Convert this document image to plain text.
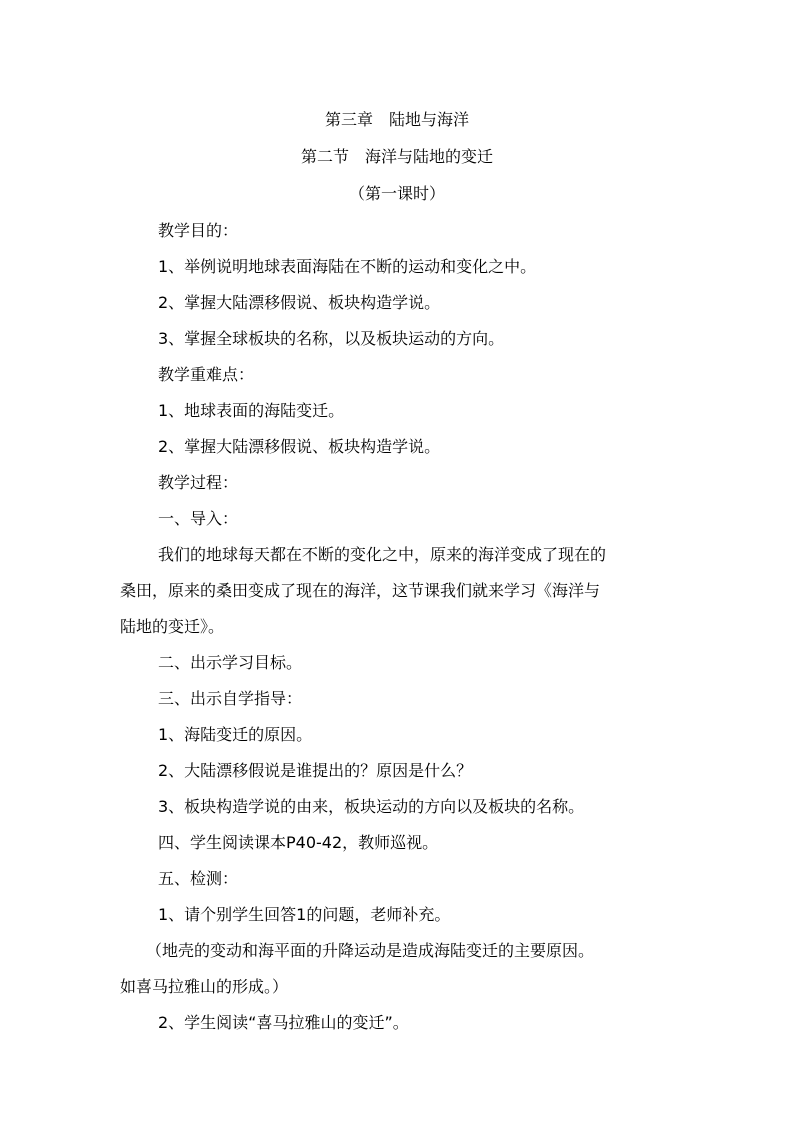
第三章　陆地与海洋
第二节　海洋与陆地的变迁
（第一课时）
教学目的：
1、举例说明地球表面海陆在不断的运动和变化之中。
2、掌握大陆漂移假说、板块构造学说。
3、掌握全球板块的名称，以及板块运动的方向。
教学重难点：
1、地球表面的海陆变迁。
2、掌握大陆漂移假说、板块构造学说。
教学过程：
一、导入：
我们的地球每天都在不断的变化之中，原来的海洋变成了现在的
桑田，原来的桑田变成了现在的海洋，这节课我们就来学习《海洋与
陆地的变迁》。
二、出示学习目标。
三、出示自学指导：
1、海陆变迁的原因。
2、大陆漂移假说是谁提出的？原因是什么？
3、板块构造学说的由来，板块运动的方向以及板块的名称。
四、学生阅读课本P40-42，教师巡视。
五、检测：
1、请个别学生回答1的问题，老师补充。
（地壳的变动和海平面的升降运动是造成海陆变迁的主要原因。
如喜马拉雅山的形成。）
2、学生阅读“喜马拉雅山的变迁”。
